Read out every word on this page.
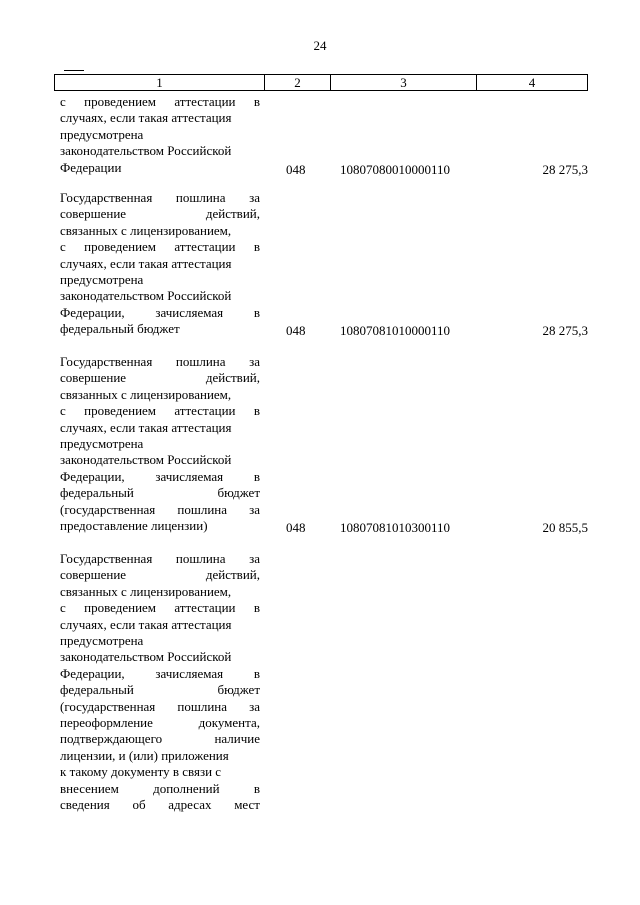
24
1	2	3	4
с проведением аттестации в
случаях, если такая аттестация
предусмотрена
законодательством Российской
Федерации	048	10807080010000110	28 275,3
Государственная пошлина за
совершение	действий,
связанных с лицензированием,
с проведением аттестации в
случаях, если такая аттестация
предусмотрена
законодательством Российской
Федерации, зачисляемая в
федеральный бюджет	048	10807081010000110	28 275,3
Государственная пошлина за
совершение	действий,
связанных с лицензированием,
с проведением аттестации в
случаях, если такая аттестация
предусмотрена
законодательством Российской
Федерации, зачисляемая в
федеральный	бюджет
(государственная пошлина за
предоставление лицензии)	048	10807081010300110	20 855,5
Государственная пошлина за
совершение	действий,
связанных с лицензированием,
с проведением аттестации в
случаях, если такая аттестация
предусмотрена
законодательством Российской
Федерации, зачисляемая в
федеральный	бюджет
(государственная пошлина за
переоформление	документа,
подтверждающего	наличие
лицензии, и (или) приложения
к такому документу в связи с
внесением	дополнений	в
сведения об адресах мест
